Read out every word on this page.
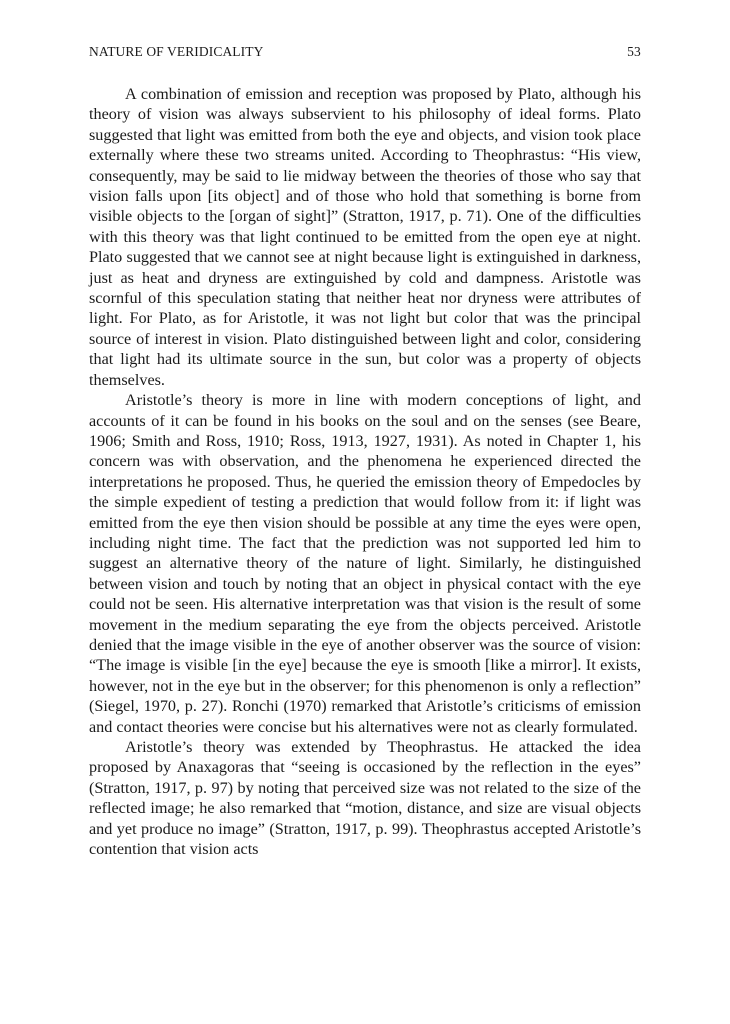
NATURE OF VERIDICALITY	53

A combination of emission and reception was proposed by Plato, although his theory of vision was always subservient to his philosophy of ideal forms. Plato suggested that light was emitted from both the eye and objects, and vision took place externally where these two streams united. According to Theophrastus: “His view, consequently, may be said to lie midway between the theories of those who say that vision falls upon [its object] and of those who hold that something is borne from visible objects to the [organ of sight]” (Stratton, 1917, p. 71). One of the difficulties with this theory was that light continued to be emitted from the open eye at night. Plato suggested that we cannot see at night because light is extinguished in darkness, just as heat and dryness are extinguished by cold and dampness. Aristotle was scornful of this speculation stating that neither heat nor dryness were attributes of light. For Plato, as for Aristotle, it was not light but color that was the principal source of interest in vision. Plato distinguished between light and color, considering that light had its ultimate source in the sun, but color was a property of objects themselves.

Aristotle’s theory is more in line with modern conceptions of light, and accounts of it can be found in his books on the soul and on the senses (see Beare, 1906; Smith and Ross, 1910; Ross, 1913, 1927, 1931). As noted in Chapter 1, his concern was with observation, and the phenomena he experienced directed the interpretations he proposed. Thus, he queried the emission theory of Empedocles by the simple expedient of testing a prediction that would follow from it: if light was emitted from the eye then vision should be possible at any time the eyes were open, including night time. The fact that the prediction was not supported led him to suggest an alternative theory of the nature of light. Similarly, he distinguished between vision and touch by noting that an object in physical contact with the eye could not be seen. His alternative interpretation was that vision is the result of some movement in the medium separating the eye from the objects perceived. Aristotle denied that the image visible in the eye of another observer was the source of vision: “The image is visible [in the eye] because the eye is smooth [like a mirror]. It exists, however, not in the eye but in the observer; for this phenomenon is only a reflection” (Siegel, 1970, p. 27). Ronchi (1970) remarked that Aristotle’s criticisms of emission and contact theories were concise but his alternatives were not as clearly formulated.

Aristotle’s theory was extended by Theophrastus. He attacked the idea proposed by Anaxagoras that “seeing is occasioned by the reflection in the eyes” (Stratton, 1917, p. 97) by noting that perceived size was not related to the size of the reflected image; he also remarked that “motion, distance, and size are visual objects and yet produce no image” (Stratton, 1917, p. 99). Theophrastus accepted Aristotle’s contention that vision acts
